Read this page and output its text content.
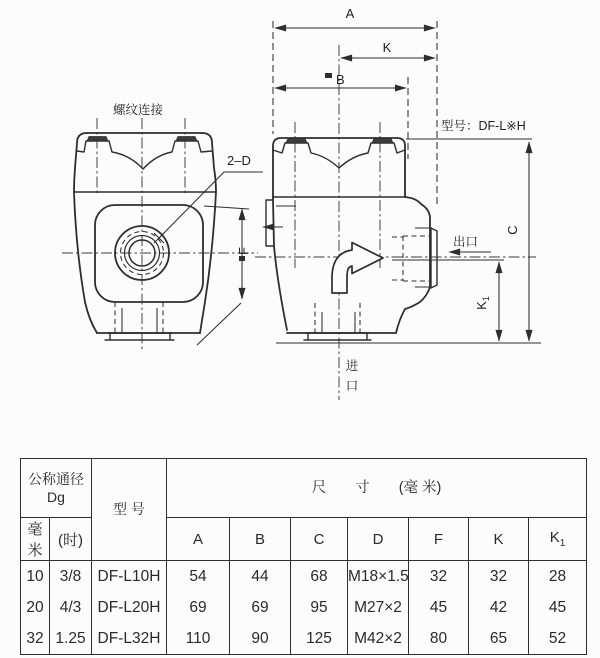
A
K
B
螺纹连接
型号：DF-L※H
2–D
出口
进
口
C
F
$K_1$
公称通径
Dg		型 号	尺　　寸　　(毫 米)						
毫米	(时)		A	B	C	D	F	K	$K_1$
10	3/8	DF-L10H	54	44	68	M18×1.5	32	32	28
20	4/3	DF-L20H	69	69	95	M27×2	45	42	45
32	1.25	DF-L32H	110	90	125	M42×2	80	65	52
